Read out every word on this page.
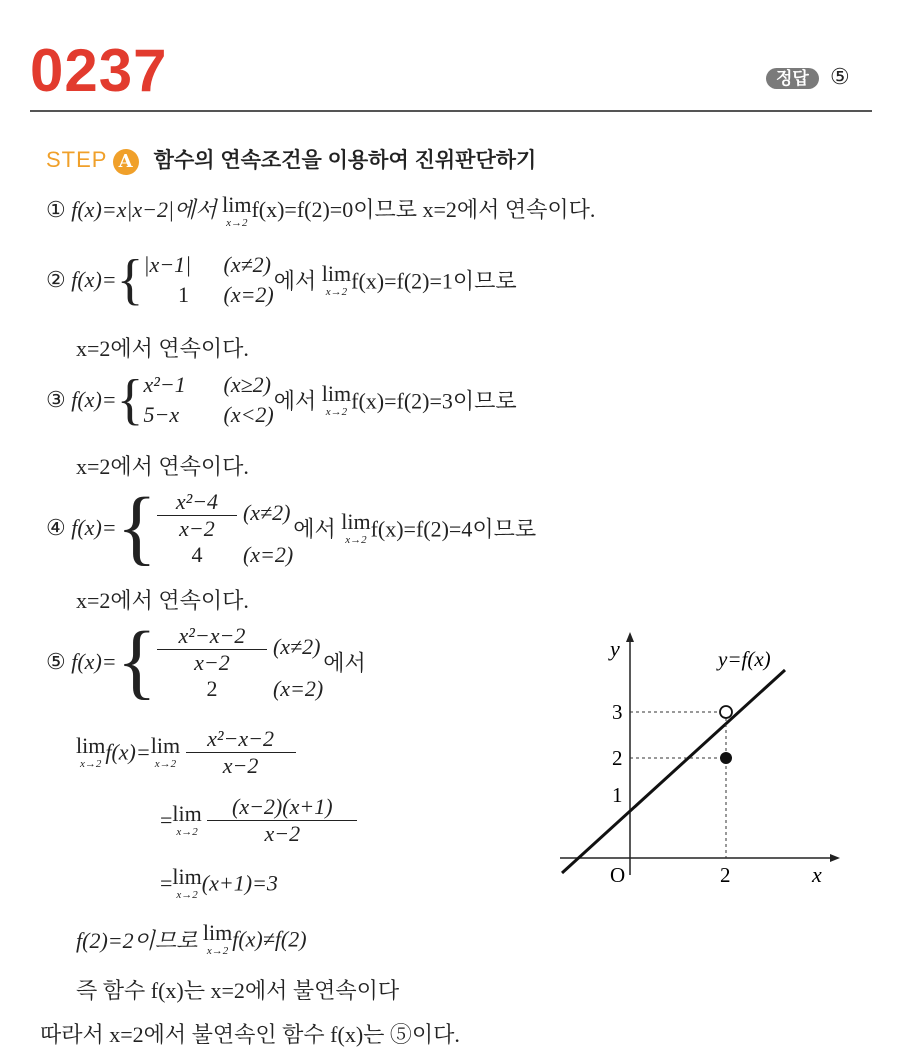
0237	정답 ⑤
STEP A 함수의 연속조건을 이용하여 진위판단하기
① f(x)=x|x−2|에서 lim
x→2
f(x)=f(2)=0이므로 x=2에서 연속이다.
② f(x)={ |x−1| (x≠2)
1 (x=2)
에서 lim
x→2 f(x)=f(2)=1이므로
x=2에서 연속이다.
③ f(x)={ x²−1 (x≥2)
5−x (x<2)
에서 lim
x→2 f(x)=f(2)=3이므로
x=2에서 연속이다.
④ $f(x)=\{ \frac{\text{x²−4}}{x-2} (x\ne 2)$
4 (x=2)
에서 lim
x→2 f(x)=f(2)=4이므로
x=2에서 연속이다.
⑤ $f(x)=\{ \frac{\text{x²−x−2}}{x-2} (x\ne 2)$
2	(x=2)
에서
lim
x→2 f(x)= lim
x→2
$\frac{\text{x²−x−2}}{x-2}$
= lim
x→2
$\frac{(x-2)(x+1)}{x-2}$
= lim
x→2 (x+1)=3
f(2)=2이므로 lim
x→2 f(x)≠f(2)
즉 함수 f(x)는 x=2에서 불연속이다
따라서 x=2에서 불연속인 함수 f(x)는 ⑤이다.
y
x
O	2
3
2
1
y=f(x)
